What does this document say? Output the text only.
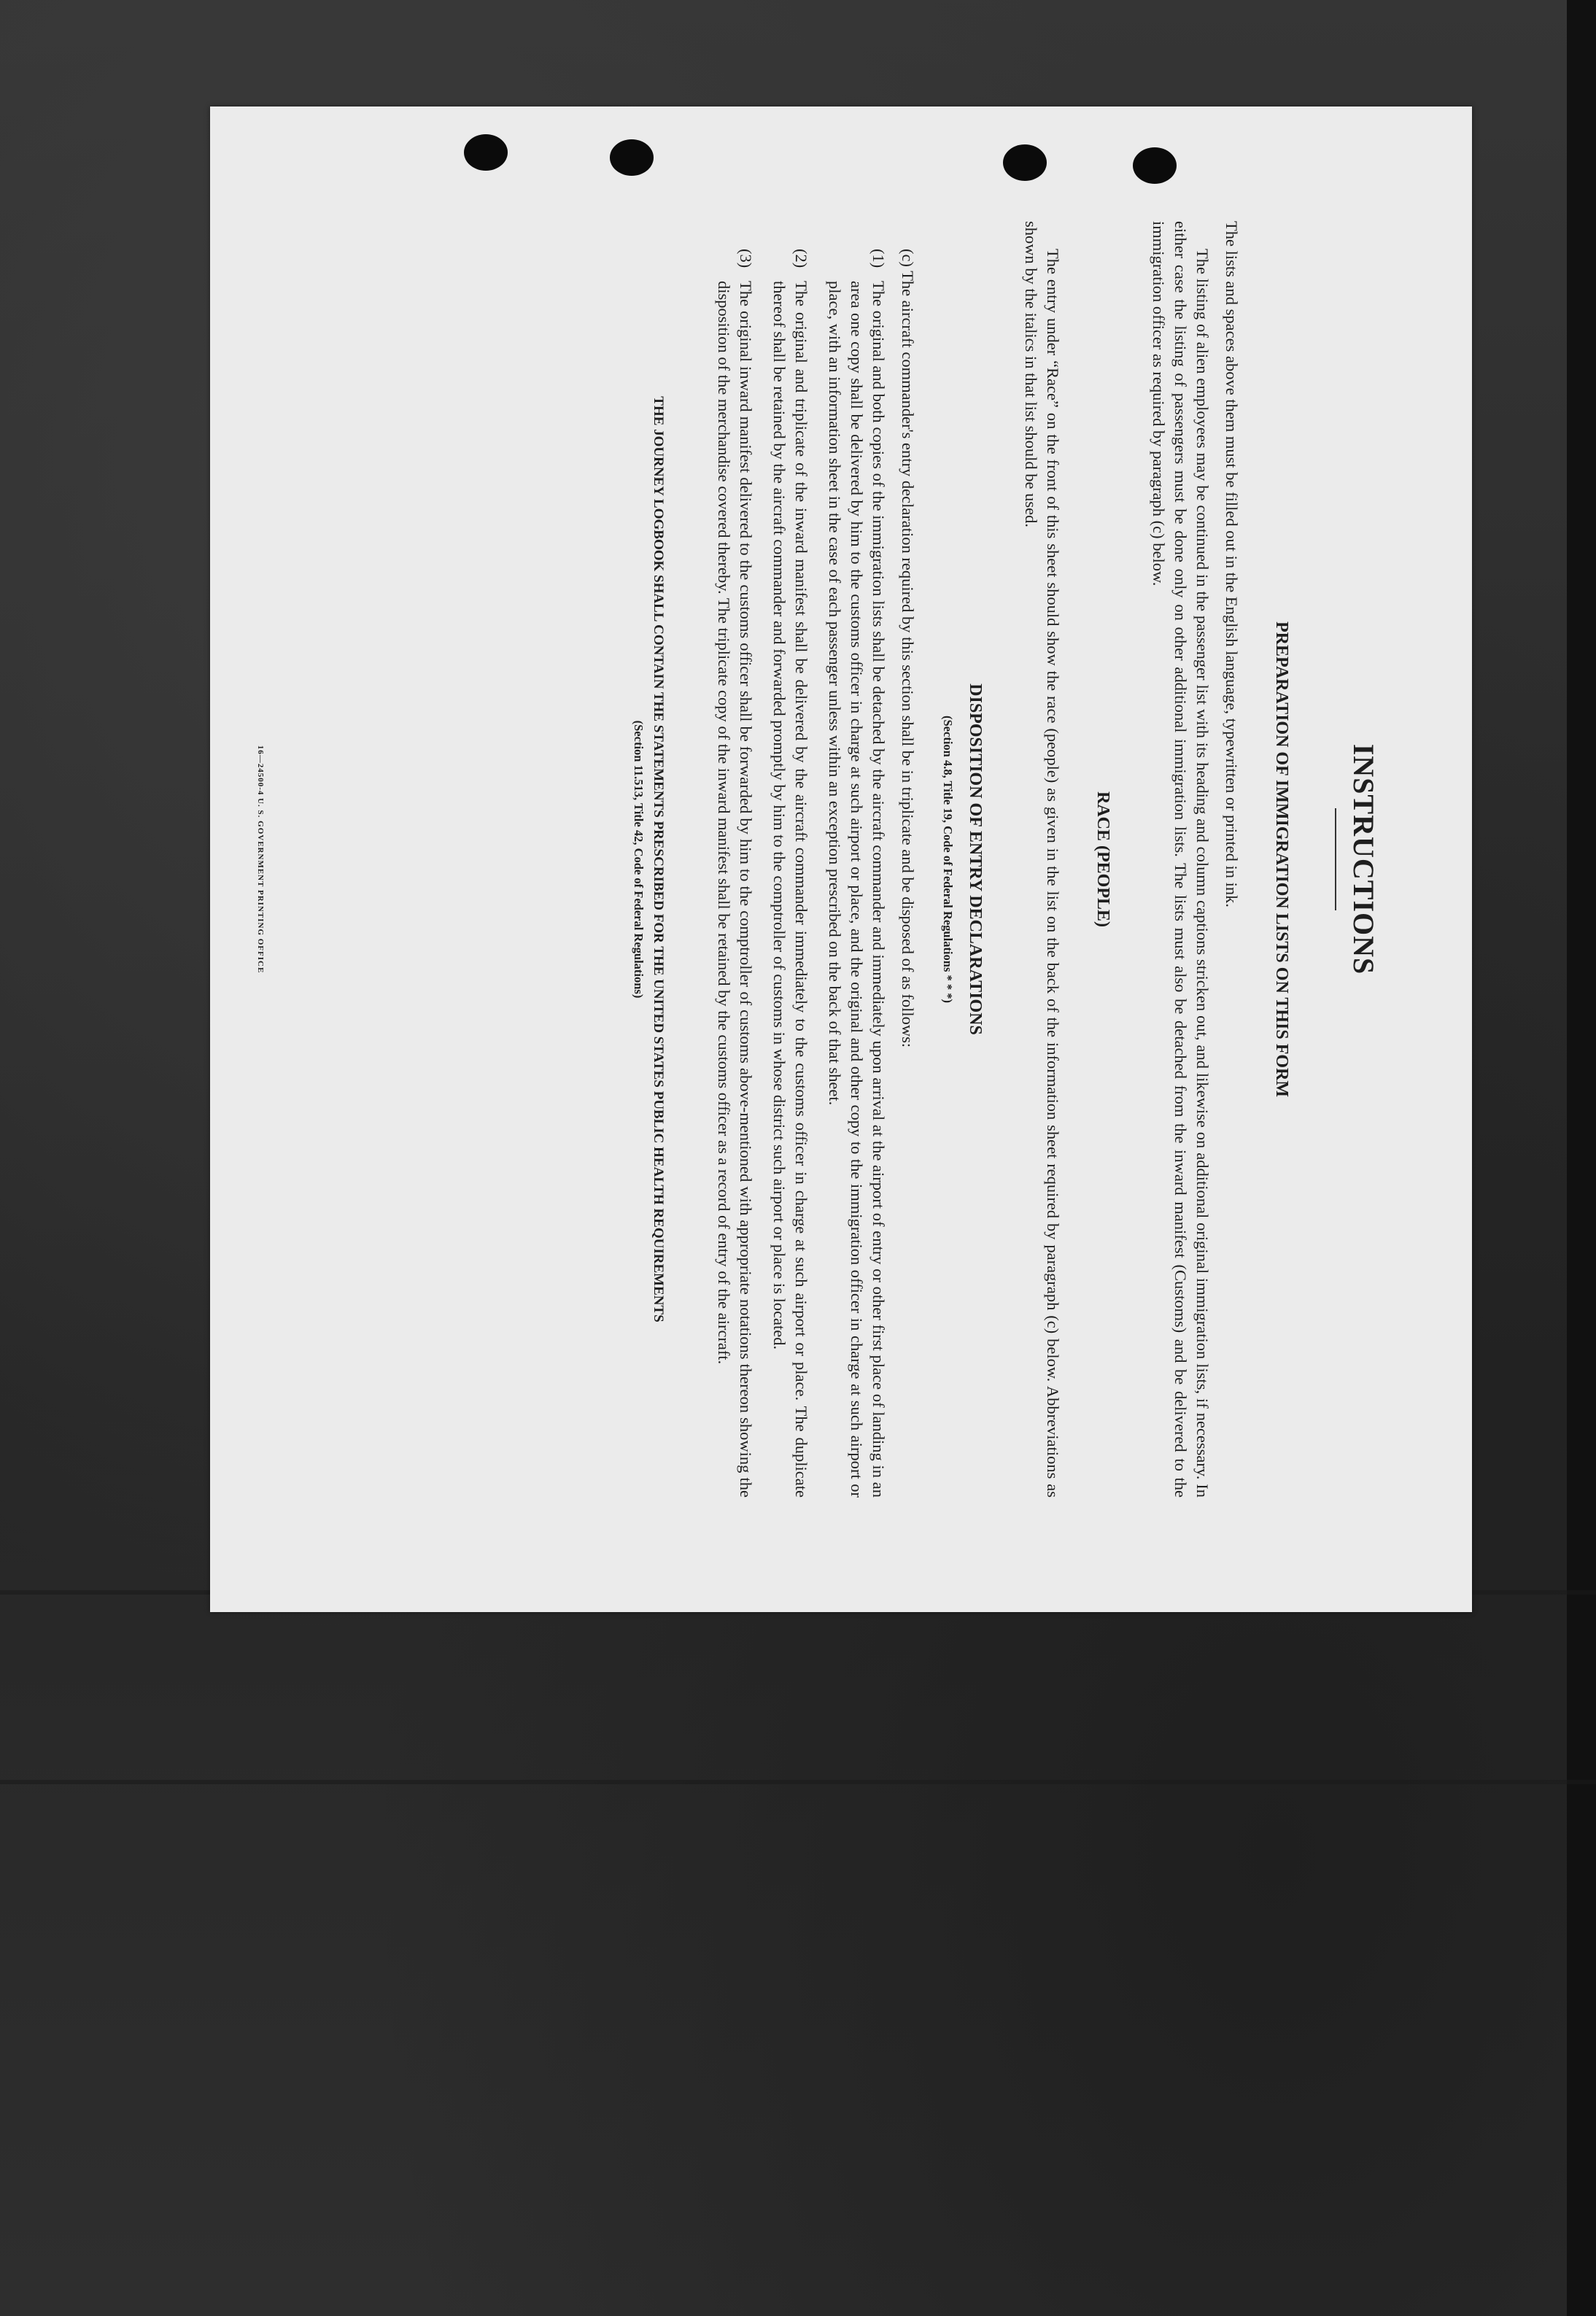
INSTRUCTIONS
PREPARATION OF IMMIGRATION LISTS ON THIS FORM

The lists and spaces above them must be filled out in the English language, typewritten or printed in ink.

The listing of alien employees may be continued in the passenger list with its heading and column captions stricken out, and likewise on additional original immigration lists, if necessary. In either case the listing of passengers must be done only on other additional immigration lists. The lists must also be detached from the inward manifest (Customs) and be delivered to the immigration officer as required by paragraph (c) below.

RACE (PEOPLE)

The entry under “Race” on the front of this sheet should show the race (people) as given in the list on the back of the information sheet required by paragraph (c) below. Abbreviations as shown by the italics in that list should be used.

DISPOSITION OF ENTRY DECLARATIONS
(Section 4.8, Title 19, Code of Federal Regulations * * *)

(c) The aircraft commander's entry declaration required by this section shall be in triplicate and be disposed of as follows:

(1)
The original and both copies of the immigration lists shall be detached by the aircraft commander and immediately upon arrival at the airport of entry or other first place of landing in an area one copy shall be delivered by him to the customs officer in charge at such airport or place, and the original and other copy to the immigration officer in charge at such airport or place, with an information sheet in the case of each passenger unless within an exception prescribed on the back of that sheet.
(2)
The original and triplicate of the inward manifest shall be delivered by the aircraft commander immediately to the customs officer in charge at such airport or place. The duplicate thereof shall be retained by the aircraft commander and forwarded promptly by him to the comptroller of customs in whose district such airport or place is located.
(3)
The original inward manifest delivered to the customs officer shall be forwarded by him to the comptroller of customs above-mentioned with appropriate notations thereon showing the disposition of the merchandise covered thereby. The triplicate copy of the inward manifest shall be retained by the customs officer as a record of entry of the aircraft.
THE JOURNEY LOGBOOK SHALL CONTAIN THE STATEMENTS PRESCRIBED FOR THE UNITED STATES PUBLIC HEALTH REQUIREMENTS
(Section 11.513, Title 42, Code of Federal Regulations)
16—24500-4 U. S. GOVERNMENT PRINTING OFFICE
